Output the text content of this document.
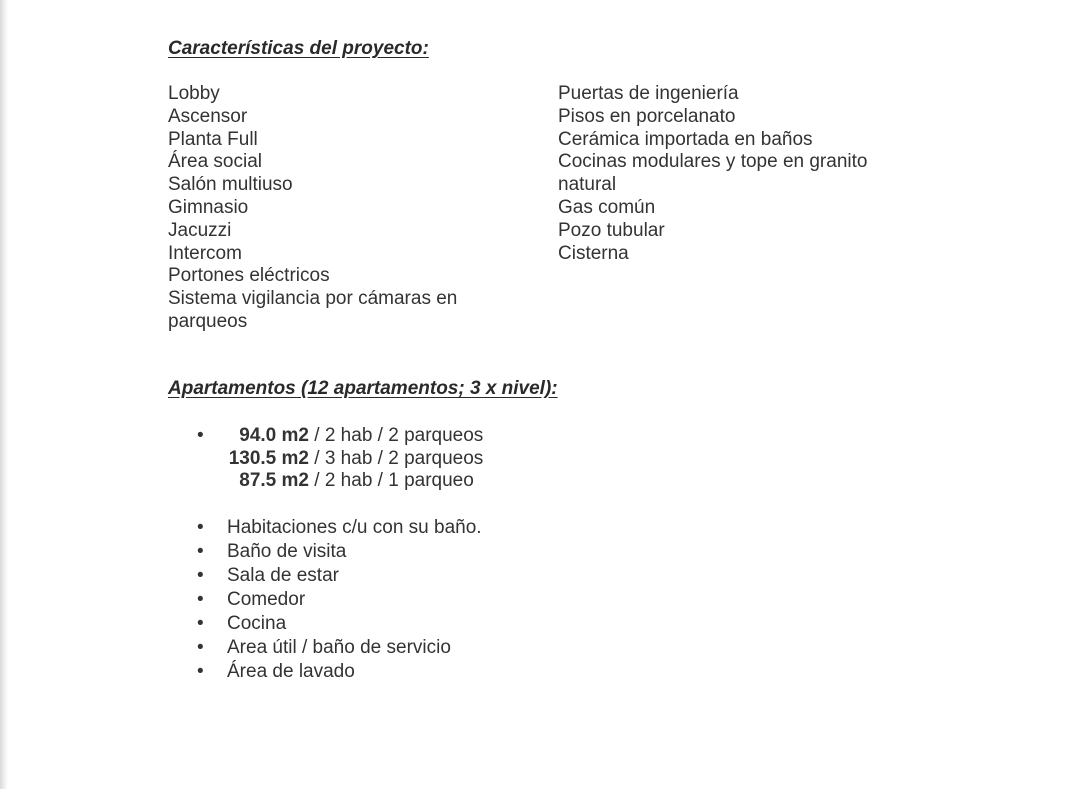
Características del proyecto:
Lobby
Ascensor
Planta Full
Área social
Salón multiuso
Gimnasio
Jacuzzi
Intercom
Portones eléctricos
Sistema vigilancia por cámaras en
parqueos
Puertas de ingeniería
Pisos en porcelanato
Cerámica importada en baños
Cocinas modulares y tope en granito
natural
Gas común
Pozo tubular
Cisterna
Apartamentos (12 apartamentos; 3 x nivel):
• 94.0 m2 / 2 hab / 2 parqueos
130.5 m2 / 3 hab / 2 parqueos
87.5 m2 / 2 hab / 1 parqueo
• Habitaciones c/u con su baño.
• Baño de visita
• Sala de estar
• Comedor
• Cocina
• Area útil / baño de servicio
• Área de lavado
